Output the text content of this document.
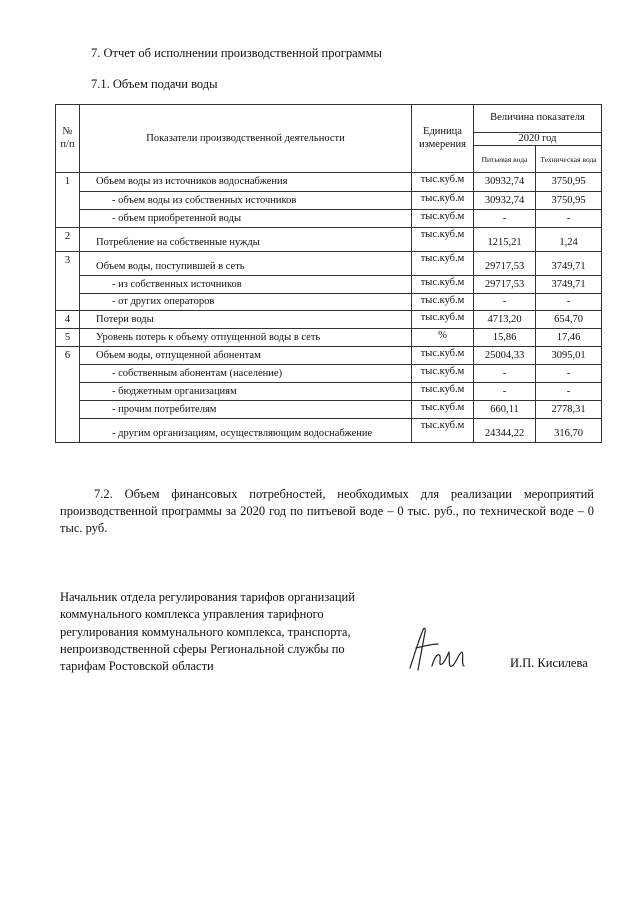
7. Отчет об исполнении производственной программы
7.1. Объем подачи воды
№ п/п	Показатели производственной деятельности	Единица измерения	Величина показателя	
			2020 год	
			Питьевая вода	Техническая вода
1	Объем воды из источников водоснабжения	тыс.куб.м	30932,74	3750,95
	- объем воды из собственных источников	тыс.куб.м	30932,74	3750,95
	- объем приобретенной воды	тыс.куб.м	-	-
2	Потребление на собственные нужды	тыс.куб.м	1215,21	1,24
3	Объем воды, поступившей в сеть	тыс.куб.м	29717,53	3749,71
	- из собственных источников	тыс.куб.м	29717,53	3749,71
	- от других операторов	тыс.куб.м	-	-
4	Потери воды	тыс.куб.м	4713,20	654,70
5	Уровень потерь к объему отпущенной воды в сеть	%	15,86	17,46
6	Объем воды, отпущенной абонентам	тыс.куб.м	25004,33	3095,01
	- собственным абонентам (население)	тыс.куб.м	-	-
	- бюджетным организациям	тыс.куб.м	-	-
	- прочим потребителям	тыс.куб.м	660,11	2778,31
	- другим организациям, осуществляющим водоснабжение	тыс.куб.м	24344,22	316,70
7.2. Объем финансовых потребностей, необходимых для реализации мероприятий производственной программы за 2020 год по питьевой воде – 0 тыс. руб., по технической воде – 0 тыс. руб.
Начальник отдела регулирования тарифов организаций коммунального комплекса управления тарифного регулирования коммунального комплекса, транспорта, непроизводственной сферы Региональной службы по тарифам Ростовской области	И.П. Кисилева
